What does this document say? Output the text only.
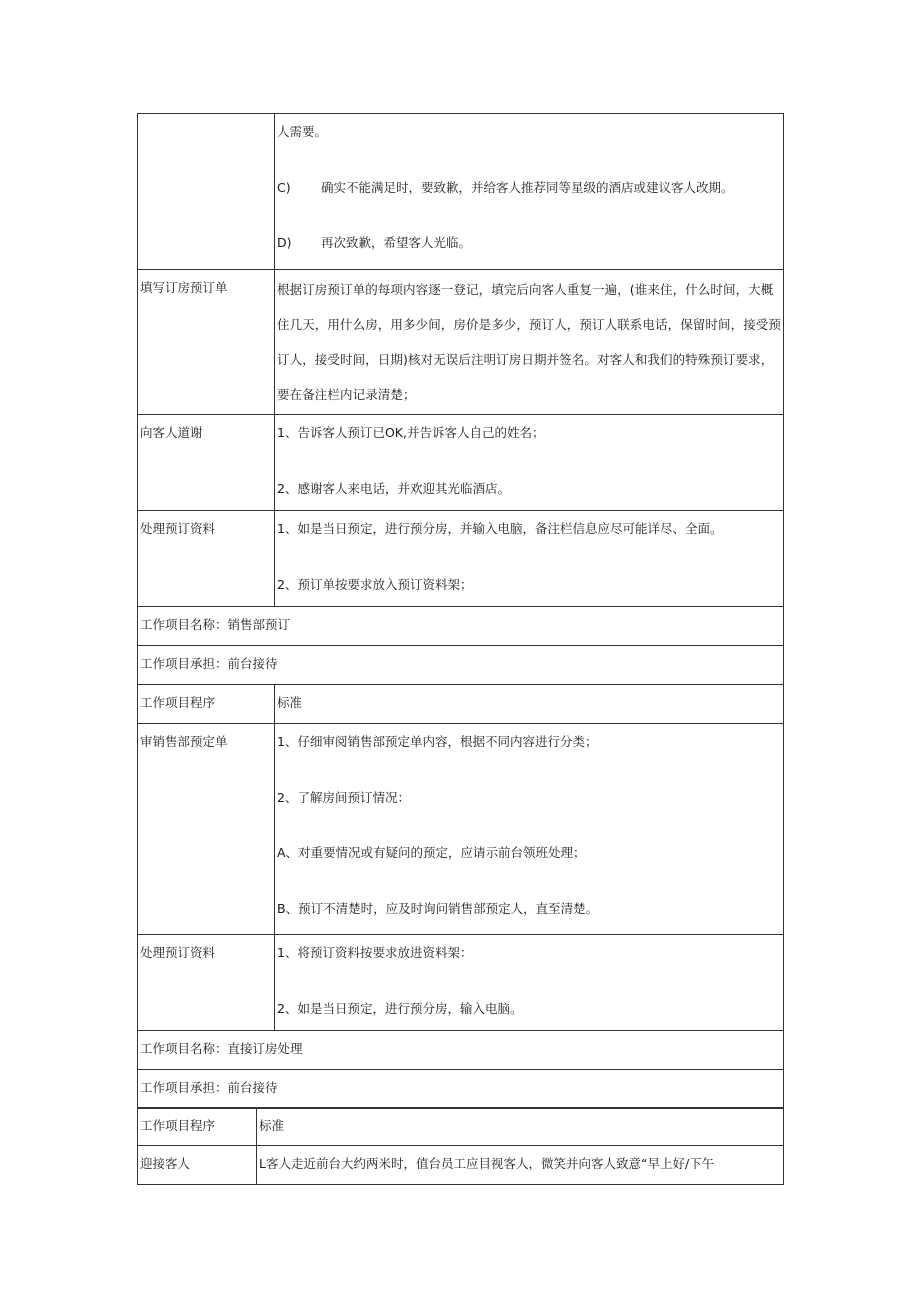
	人需要。
C) 确实不能满足时，要致歉，并给客人推荐同等星级的酒店或建议客人改期。
D) 再次致歉，希望客人光临。

填写订房预订单	根据订房预订单的每项内容逐一登记，填完后向客人重复一遍，(谁来住，什么时间，大概住几天，用什么房，用多少间，房价是多少，预订人，预订人联系电话，保留时间，接受预订人，接受时间，日期)核对无误后注明订房日期并签名。对客人和我们的特殊预订要求，要在备注栏内记录清楚；

向客人道谢	1、告诉客人预订已OK,并告诉客人自己的姓名；
2、感谢客人来电话，并欢迎其光临酒店。

处理预订资料	1、如是当日预定，进行预分房，并输入电脑，备注栏信息应尽可能详尽、全面。
2、预订单按要求放入预订资料架；

工作项目名称：销售部预订	

工作项目承担：前台接待	

工作项目程序	标准

审销售部预定单	1、仔细审阅销售部预定单内容，根据不同内容进行分类；
2、了解房间预订情况：
A、对重要情况或有疑问的预定，应请示前台领班处理；
B、预订不清楚时，应及时询问销售部预定人，直至清楚。

处理预订资料	1、将预订资料按要求放进资料架：
2、如是当日预定，进行预分房，输入电脑。

工作项目名称：直接订房处理	

工作项目承担：前台接待	
工作项目程序	标准

迎接客人	L客人走近前台大约两米时，值台员工应目视客人，微笑并向客人致意“早上好/下午
